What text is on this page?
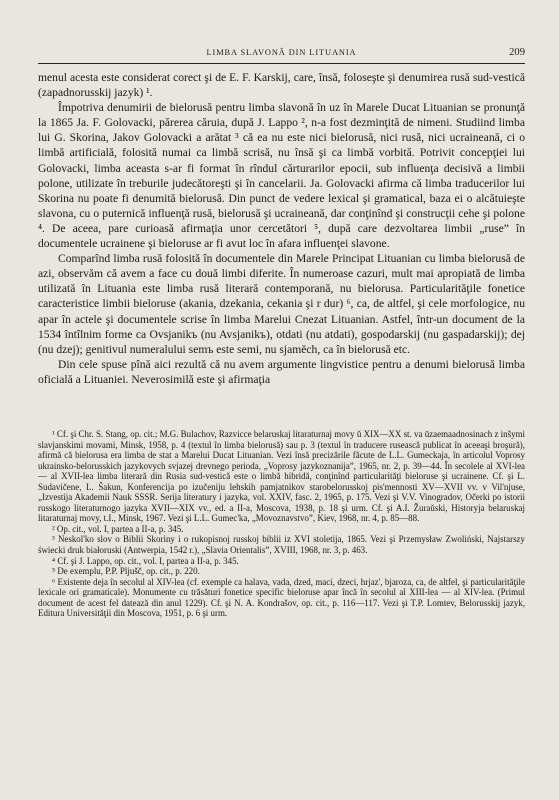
LIMBA SLAVONĂ DIN LITUANIA	209

menul acesta este considerat corect şi de E. F. Karskij, care, însă, foloseşte şi denumirea rusă sud-vestică (zapadnorusskij jazyk) ¹.

Împotriva denumirii de bielorusă pentru limba slavonă în uz în Marele Ducat Lituanian se pronunţă la 1865 Ja. F. Golovacki, părerea căruia, după J. Lappo ², n-a fost dezminţită de nimeni. Studiind limba lui G. Skorina, Jakov Golovacki a arătat ³ că ea nu este nici bielorusă, nici rusă, nici ucraineană, ci o limbă artificială, folosită numai ca limbă scrisă, nu însă şi ca limbă vorbită. Potrivit concepţiei lui Golovacki, limba aceasta s-ar fi format în rîndul cărturarilor epocii, sub influenţa decisivă a limbii polone, utilizate în treburile judecătoreşti şi în cancelarii. Ja. Golovacki afirma că limba traducerilor lui Skorina nu poate fi denumită bielorusă. Din punct de vedere lexical şi gramatical, baza ei o alcătuieşte slavona, cu o puternică influenţă rusă, bielorusă şi ucraineană, dar conţinînd şi construcţii cehe şi polone ⁴. De aceea, pare curioasă afirmaţia unor cercetători ⁵, după care dezvoltarea limbii „ruse” în documentele ucrainene şi bieloruse ar fi avut loc în afara influenţei slavone.

Comparînd limba rusă folosită în documentele din Marele Principat Lituanian cu limba bielorusă de azi, observăm că avem a face cu două limbi diferite. În numeroase cazuri, mult mai apropiată de limba utilizată în Lituania este limba rusă literară contemporană, nu bielorusa. Particularităţile fonetice caracteristice limbii bieloruse (akania, dzekania, cekania şi r dur) ⁶, ca, de altfel, şi cele morfologice, nu apar în actele şi documentele scrise în limba Marelui Cnezat Lituanian. Astfel, într-un document de la 1534 întîlnim forme ca Ovsjanikъ (nu Avsjanikъ), otdati (nu atdati), gospodarskij (nu gaspadarskij); dej (nu dzej); genitivul numeralului semъ este semi, nu sjaměch, ca în bielorusă etc.

Din cele spuse pînă aici rezultă că nu avem argumente lingvistice pentru a denumi bielorusă limba oficială a Lituaniei. Neverosimilă este şi afirmaţia

¹ Cf. şi Chr. S. Stang, op. cit.; M.G. Bulachov, Razvicce belaruskaj litaraturnaj movy ŭ XIX—XX st. va ūzaemaadnosinach z inšymi slavjanskimi movami, Minsk, 1958, p. 4 (textul în limba bielorusă) sau p. 3 (textul în traducere rusească publicat în aceeaşi broşură), afirmă că bielorusa era limba de stat a Marelui Ducat Lituanian. Vezi însă precizările făcute de L.L. Gumeckaja, în articolul Voprosy ukrainsko-belorusskich jazykovych svjazej drevnego perioda, „Voprosy jazykoznanija”, 1965, nr. 2, p. 39—44. În secolele al XVI-lea — al XVII-lea limba literară din Rusia sud-vestică este o limbă hibridă, conţinînd particularităţi bieloruse şi ucrainene. Cf. şi L. Sudavičene, L. Šakun, Konferencija po izučeniju lehskih pamjatnikov starobelorusskoj pis'mennosti XV—XVII vv. v Vil'njuse, „Izvestija Akademii Nauk SSSR. Serija literatury i jazyka, vol. XXIV, fasc. 2, 1965, p. 175. Vezi şi V.V. Vinogradov, Očerki po istorii russkogo literaturnogo jazyka XVII—XIX vv., ed. a II-a, Moscova, 1938, p. 18 şi urm. Cf. şi A.I. Žuraŭski, Historyja belaruskaj litaraturnaj movy, t.I., Minsk, 1967. Vezi şi L.L. Gumec'ka, „Movoznavstvo”, Kiev, 1968, nr. 4, p. 85—88.

² Op. cit., vol. I, partea a II-a, p. 345.

³ Neskol'ko slov o Biblii Skoriny i o rukopisnoj russkoj biblii iz XVI stoletija, 1865. Vezi şi Przemysław Zwoliński, Najstarszy świecki druk białoruski (Antwerpia, 1542 r.), „Slavia Orientalis”, XVIII, 1968, nr. 3, p. 463.

⁴ Cf. şi J. Lappo, op. cit., vol. I, partea a II-a, p. 345.

⁵ De exemplu, P.P. Pljušč, op. cit., p. 220.

⁶ Existente deja în secolul al XIV-lea (cf. exemple ca halava, vada, dzed, maci, dzeci, hrjaz', bjaroza, ca, de altfel, şi particularităţile lexicale ori gramaticale). Monumente cu trăsături fonetice specific bieloruse apar încă în secolul al XIII-lea — al XIV-lea. (Primul document de acest fel datează din anul 1229). Cf. şi N. A. Kondrašov, op. cit., p. 116—117. Vezi şi T.P. Lomtev, Belorusskij jazyk, Editura Universităţii din Moscova, 1951, p. 6 şi urm.
